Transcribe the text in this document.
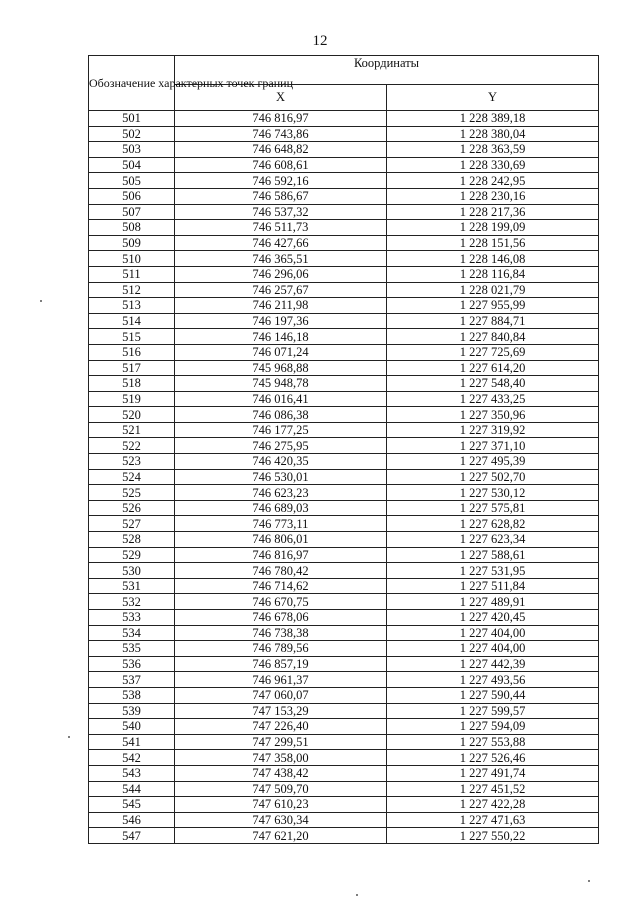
12
Обозначение характерных точек границ	Координаты	
	X	Y
501	746 816,97	1 228 389,18
502	746 743,86	1 228 380,04
503	746 648,82	1 228 363,59
504	746 608,61	1 228 330,69
505	746 592,16	1 228 242,95
506	746 586,67	1 228 230,16
507	746 537,32	1 228 217,36
508	746 511,73	1 228 199,09
509	746 427,66	1 228 151,56
510	746 365,51	1 228 146,08
511	746 296,06	1 228 116,84
512	746 257,67	1 228 021,79
513	746 211,98	1 227 955,99
514	746 197,36	1 227 884,71
515	746 146,18	1 227 840,84
516	746 071,24	1 227 725,69
517	745 968,88	1 227 614,20
518	745 948,78	1 227 548,40
519	746 016,41	1 227 433,25
520	746 086,38	1 227 350,96
521	746 177,25	1 227 319,92
522	746 275,95	1 227 371,10
523	746 420,35	1 227 495,39
524	746 530,01	1 227 502,70
525	746 623,23	1 227 530,12
526	746 689,03	1 227 575,81
527	746 773,11	1 227 628,82
528	746 806,01	1 227 623,34
529	746 816,97	1 227 588,61
530	746 780,42	1 227 531,95
531	746 714,62	1 227 511,84
532	746 670,75	1 227 489,91
533	746 678,06	1 227 420,45
534	746 738,38	1 227 404,00
535	746 789,56	1 227 404,00
536	746 857,19	1 227 442,39
537	746 961,37	1 227 493,56
538	747 060,07	1 227 590,44
539	747 153,29	1 227 599,57
540	747 226,40	1 227 594,09
541	747 299,51	1 227 553,88
542	747 358,00	1 227 526,46
543	747 438,42	1 227 491,74
544	747 509,70	1 227 451,52
545	747 610,23	1 227 422,28
546	747 630,34	1 227 471,63
547	747 621,20	1 227 550,22
